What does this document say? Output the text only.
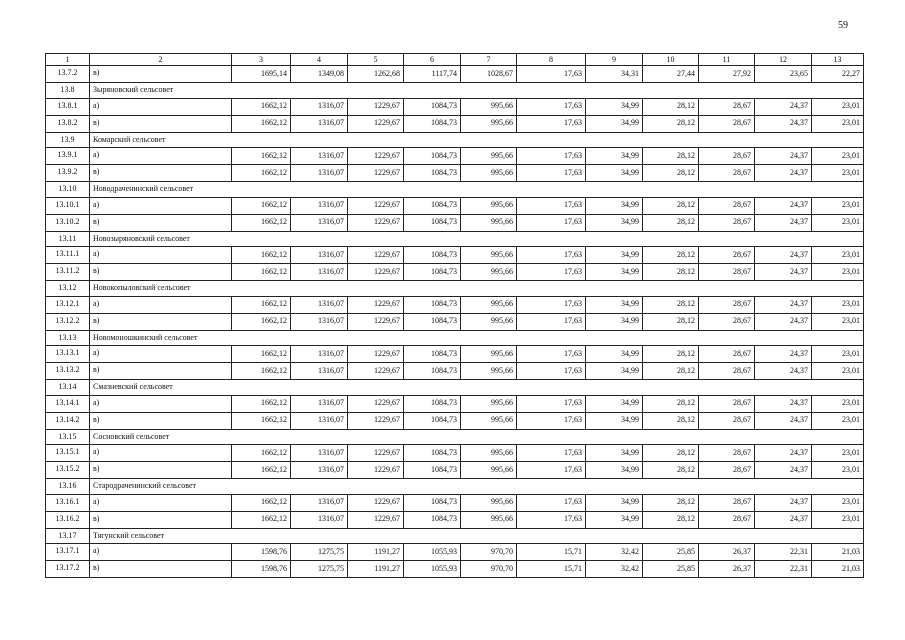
59
1	2	3	4	5	6	7	8	9	10	11	12	13
13.7.2	в)	1695,14	1349,08	1262,68	1117,74	1028,67	17,63	34,31	27,44	27,92	23,65	22,27
13.8	Зыряновский сельсовет											
13.8.1	а)	1662,12	1316,07	1229,67	1084,73	995,66	17,63	34,99	28,12	28,67	24,37	23,01
13.8.2	в)	1662,12	1316,07	1229,67	1084,73	995,66	17,63	34,99	28,12	28,67	24,37	23,01
13.9	Комарский сельсовет											
13.9.1	а)	1662,12	1316,07	1229,67	1084,73	995,66	17,63	34,99	28,12	28,67	24,37	23,01
13.9.2	в)	1662,12	1316,07	1229,67	1084,73	995,66	17,63	34,99	28,12	28,67	24,37	23,01
13.10	Новодраченинский сельсовет											
13.10.1	а)	1662,12	1316,07	1229,67	1084,73	995,66	17,63	34,99	28,12	28,67	24,37	23,01
13.10.2	в)	1662,12	1316,07	1229,67	1084,73	995,66	17,63	34,99	28,12	28,67	24,37	23,01
13.11	Новозыряновский сельсовет											
13.11.1	а)	1662,12	1316,07	1229,67	1084,73	995,66	17,63	34,99	28,12	28,67	24,37	23,01
13.11.2	в)	1662,12	1316,07	1229,67	1084,73	995,66	17,63	34,99	28,12	28,67	24,37	23,01
13.12	Новокопыловский сельсовет											
13.12.1	а)	1662,12	1316,07	1229,67	1084,73	995,66	17,63	34,99	28,12	28,67	24,37	23,01
13.12.2	в)	1662,12	1316,07	1229,67	1084,73	995,66	17,63	34,99	28,12	28,67	24,37	23,01
13.13	Новомоношкинский сельсовет											
13.13.1	а)	1662,12	1316,07	1229,67	1084,73	995,66	17,63	34,99	28,12	28,67	24,37	23,01
13.13.2	в)	1662,12	1316,07	1229,67	1084,73	995,66	17,63	34,99	28,12	28,67	24,37	23,01
13.14	Смазневский сельсовет											
13.14.1	а)	1662,12	1316,07	1229,67	1084,73	995,66	17,63	34,99	28,12	28,67	24,37	23,01
13.14.2	в)	1662,12	1316,07	1229,67	1084,73	995,66	17,63	34,99	28,12	28,67	24,37	23,01
13.15	Сосновский сельсовет											
13.15.1	а)	1662,12	1316,07	1229,67	1084,73	995,66	17,63	34,99	28,12	28,67	24,37	23,01
13.15.2	в)	1662,12	1316,07	1229,67	1084,73	995,66	17,63	34,99	28,12	28,67	24,37	23,01
13.16	Стародраченинский сельсовет											
13.16.1	а)	1662,12	1316,07	1229,67	1084,73	995,66	17,63	34,99	28,12	28,67	24,37	23,01
13.16.2	в)	1662,12	1316,07	1229,67	1084,73	995,66	17,63	34,99	28,12	28,67	24,37	23,01
13.17	Тягунский сельсовет											
13.17.1	а)	1598,76	1275,75	1191,27	1055,93	970,70	15,71	32,42	25,85	26,37	22,31	21,03
13.17.2	в)	1598,76	1275,75	1191,27	1055,93	970,70	15,71	32,42	25,85	26,37	22,31	21,03
